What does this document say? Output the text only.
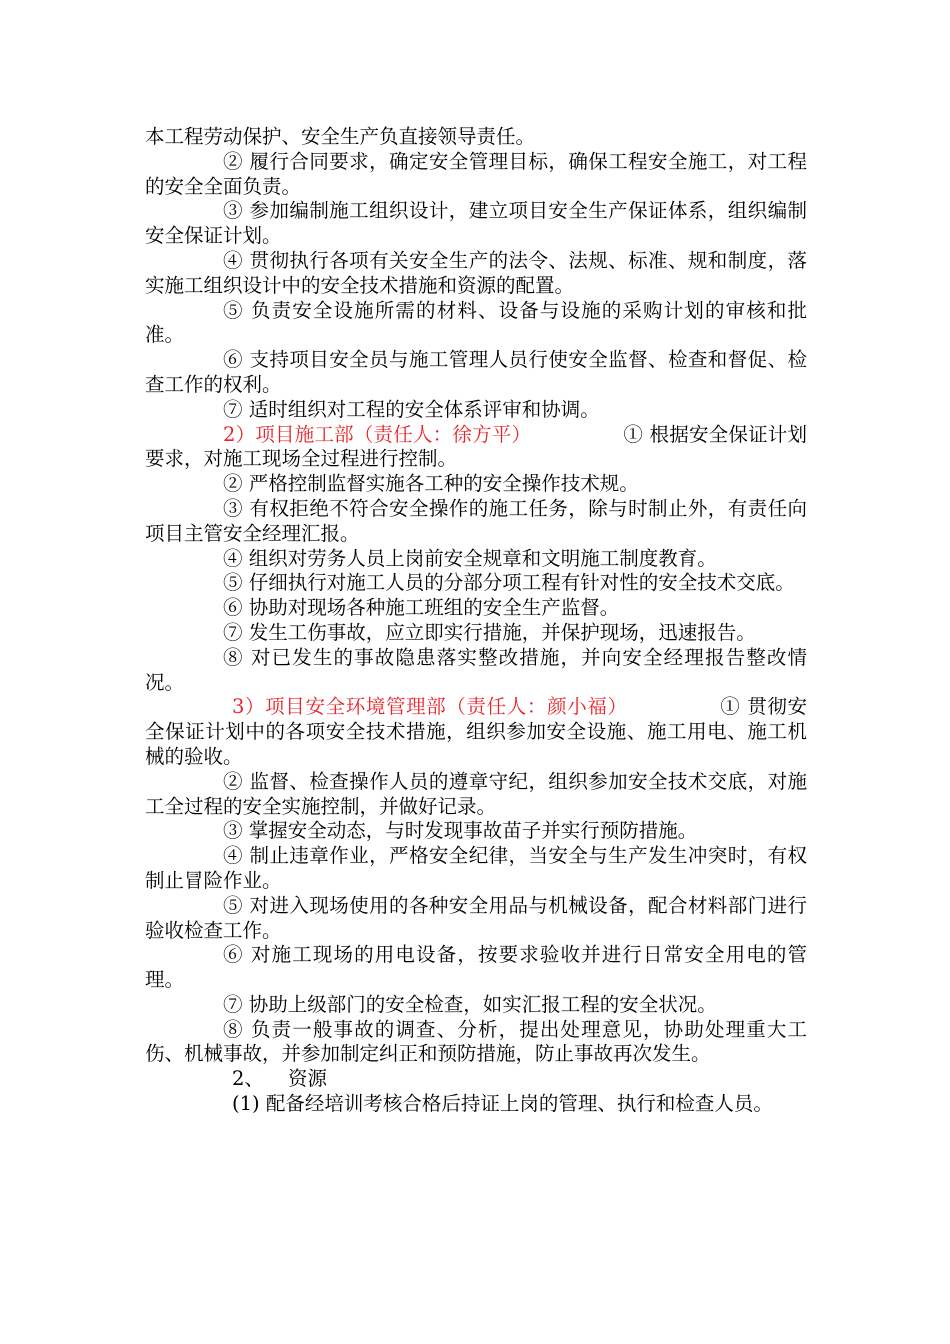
本工程劳动保护、安全生产负直接领导责任。

② 履行合同要求，确定安全管理目标，确保工程安全施工，对工程的安全全面负责。

③ 参加编制施工组织设计，建立项目安全生产保证体系，组织编制安全保证计划。

④ 贯彻执行各项有关安全生产的法令、法规、标准、规和制度，落实施工组织设计中的安全技术措施和资源的配置。

⑤ 负责安全设施所需的材料、设备与设施的采购计划的审核和批准。

⑥ 支持项目安全员与施工管理人员行使安全监督、检查和督促、检查工作的权利。

⑦ 适时组织对工程的安全体系评审和协调。

2）项目施工部（责任人：徐方平）	① 根据安全保证计划要求，对施工现场全过程进行控制。

② 严格控制监督实施各工种的安全操作技术规。

③ 有权拒绝不符合安全操作的施工任务，除与时制止外，有责任向项目主管安全经理汇报。

④ 组织对劳务人员上岗前安全规章和文明施工制度教育。

⑤ 仔细执行对施工人员的分部分项工程有针对性的安全技术交底。

⑥ 协助对现场各种施工班组的安全生产监督。

⑦ 发生工伤事故，应立即实行措施，并保护现场，迅速报告。

⑧ 对已发生的事故隐患落实整改措施，并向安全经理报告整改情况。

3）项目安全环境管理部（责任人：颜小福）	① 贯彻安全保证计划中的各项安全技术措施，组织参加安全设施、施工用电、施工机械的验收。

② 监督、检查操作人员的遵章守纪，组织参加安全技术交底，对施工全过程的安全实施控制，并做好记录。

③ 掌握安全动态，与时发现事故苗子并实行预防措施。

④ 制止违章作业，严格安全纪律，当安全与生产发生冲突时，有权制止冒险作业。

⑤ 对进入现场使用的各种安全用品与机械设备，配合材料部门进行验收检查工作。

⑥ 对施工现场的用电设备，按要求验收并进行日常安全用电的管理。

⑦ 协助上级部门的安全检查，如实汇报工程的安全状况。

⑧ 负责一般事故的调查、分析，提出处理意见，协助处理重大工伤、机械事故，并参加制定纠正和预防措施，防止事故再次发生。

2、 资源

(1) 配备经培训考核合格后持证上岗的管理、执行和检查人员。
